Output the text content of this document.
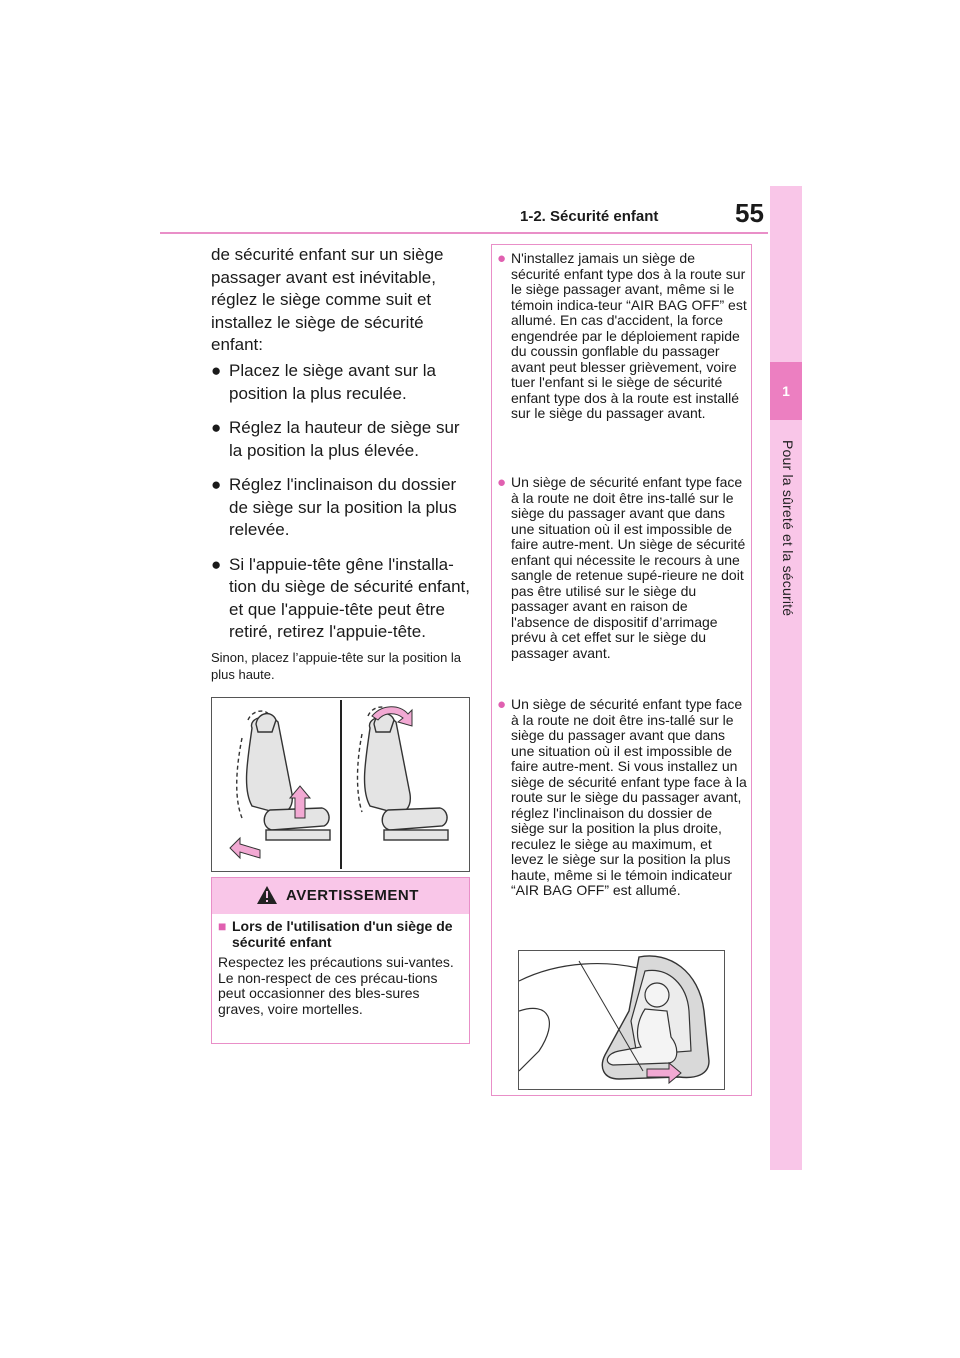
1-2. Sécurité enfant	55
1
Pour la sûreté et la sécurité
de sécurité enfant sur un siège passager avant est inévitable, réglez le siège comme suit et installez le siège de sécurité enfant:
● Placez le siège avant sur la position la plus reculée.
● Réglez la hauteur de siège sur la position la plus élevée.
● Réglez l'inclinaison du dossier de siège sur la position la plus relevée.
● Si l'appuie-tête gêne l'installa-tion du siège de sécurité enfant, et que l'appuie-tête peut être retiré, retirez l'appuie-tête.
Sinon, placez l’appuie-tête sur la position la plus haute.
AVERTISSEMENT
■ Lors de l'utilisation d'un siège de sécurité enfant
Respectez les précautions sui-vantes.
Le non-respect de ces précau-tions peut occasionner des bles-sures graves, voire mortelles.
● N'installez jamais un siège de sécurité enfant type dos à la route sur le siège passager avant, même si le témoin indica-teur “AIR BAG OFF” est allumé. En cas d'accident, la force engendrée par le déploiement rapide du coussin gonflable du passager avant peut blesser grièvement, voire tuer l'enfant si le siège de sécurité enfant type dos à la route est installé sur le siège du passager avant.
● Un siège de sécurité enfant type face à la route ne doit être ins-tallé sur le siège du passager avant que dans une situation où il est impossible de faire autre-ment. Un siège de sécurité enfant qui nécessite le recours à une sangle de retenue supé-rieure ne doit pas être utilisé sur le siège du passager avant en raison de l'absence de dispositif d’arrimage prévu à cet effet sur le siège du passager avant.
● Un siège de sécurité enfant type face à la route ne doit être ins-tallé sur le siège du passager avant que dans une situation où il est impossible de faire autre-ment. Si vous installez un siège de sécurité enfant type face à la route sur le siège du passager avant, réglez l'inclinaison du dossier de siège sur la position la plus droite, reculez le siège au maximum, et levez le siège sur la position la plus haute, même si le témoin indicateur “AIR BAG OFF” est allumé.
